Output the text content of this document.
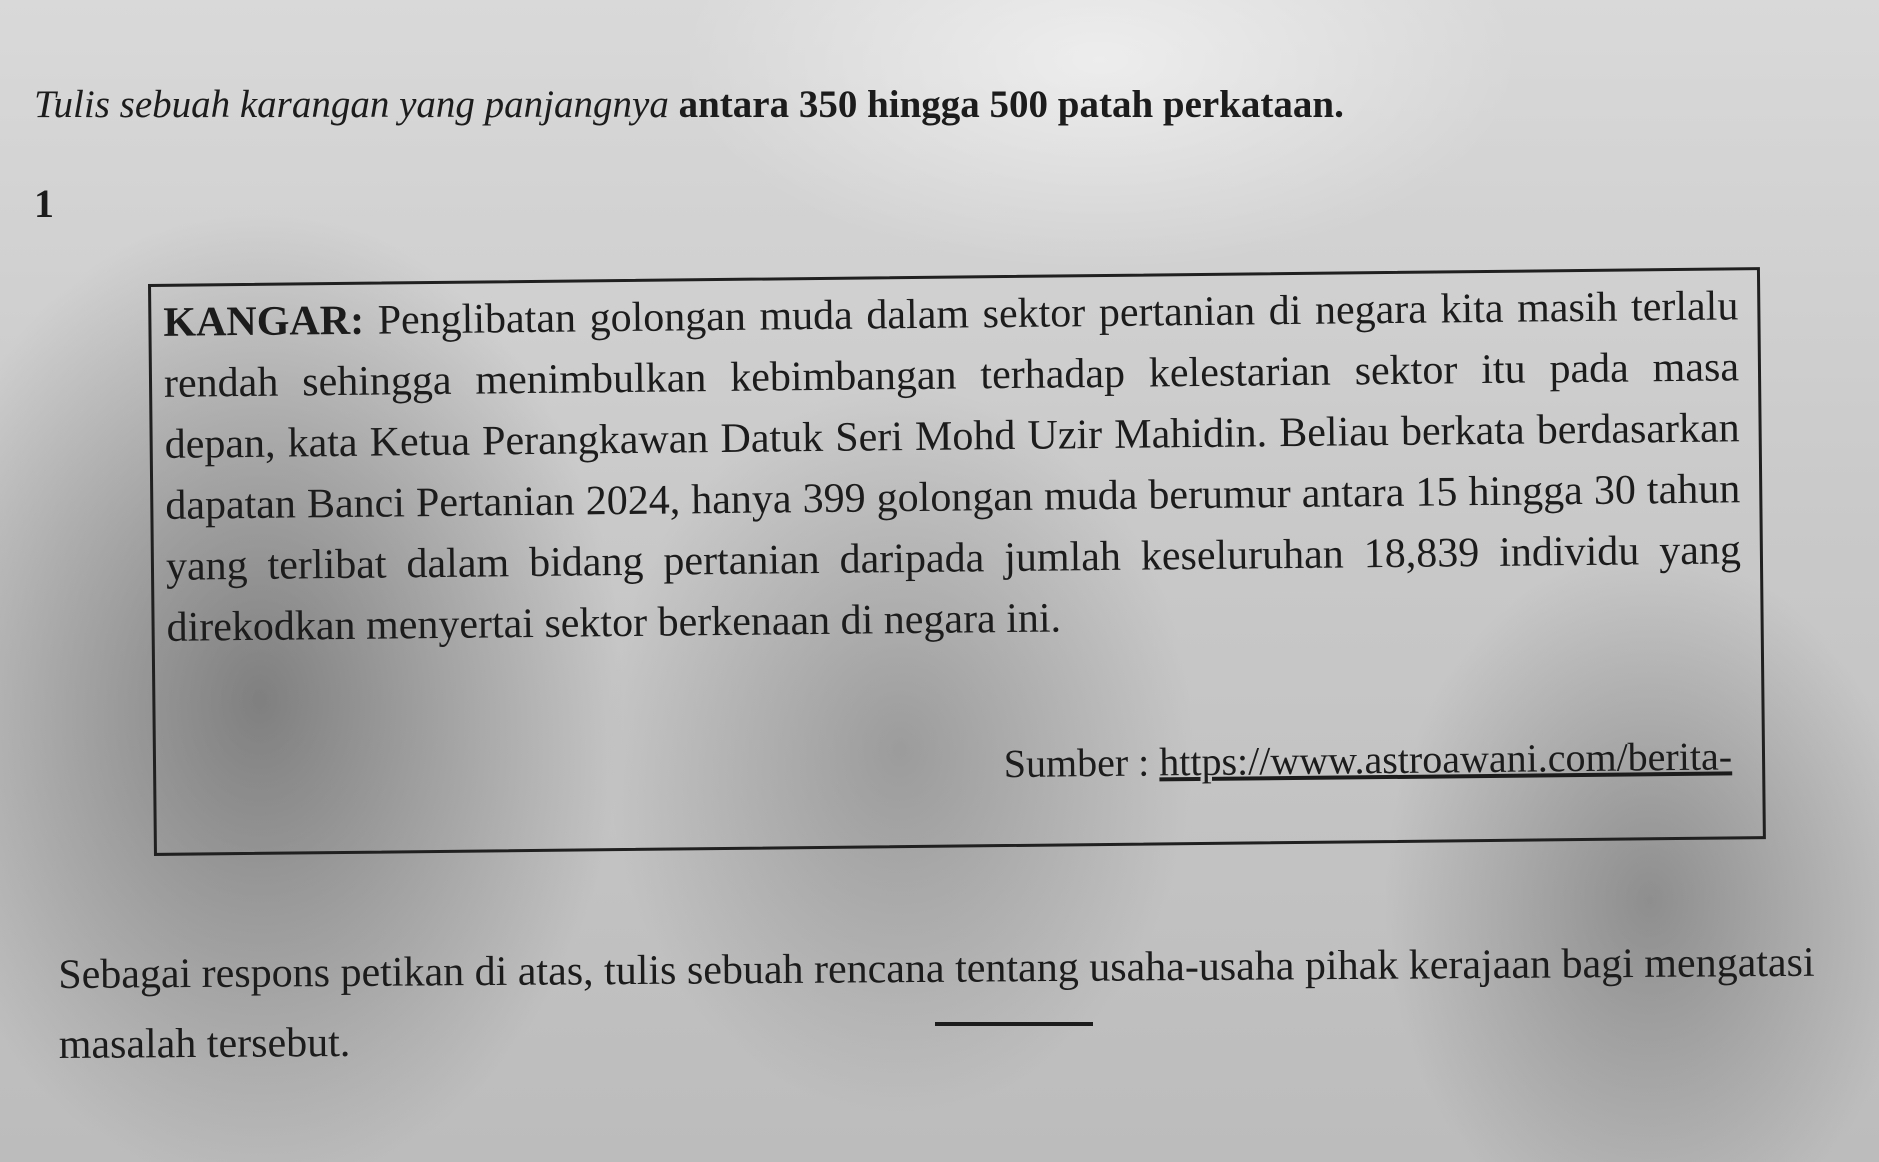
Tulis sebuah karangan yang panjangnya antara 350 hingga 500 patah perkataan.
1
KANGAR: Penglibatan golongan muda dalam sektor pertanian di negara kita masih terlalu rendah sehingga menimbulkan kebimbangan terhadap kelestarian sektor itu pada masa depan, kata Ketua Perangkawan Datuk Seri Mohd Uzir Mahidin. Beliau berkata berdasarkan dapatan Banci Pertanian 2024, hanya 399 golongan muda berumur antara 15 hingga 30 tahun yang terlibat dalam bidang pertanian daripada jumlah keseluruhan 18,839 individu yang direkodkan menyertai sektor berkenaan di negara ini.
Sumber : https://www.astroawani.com/berita-
Sebagai respons petikan di atas, tulis sebuah rencana tentang usaha-usaha pihak kerajaan bagi mengatasi masalah tersebut.
